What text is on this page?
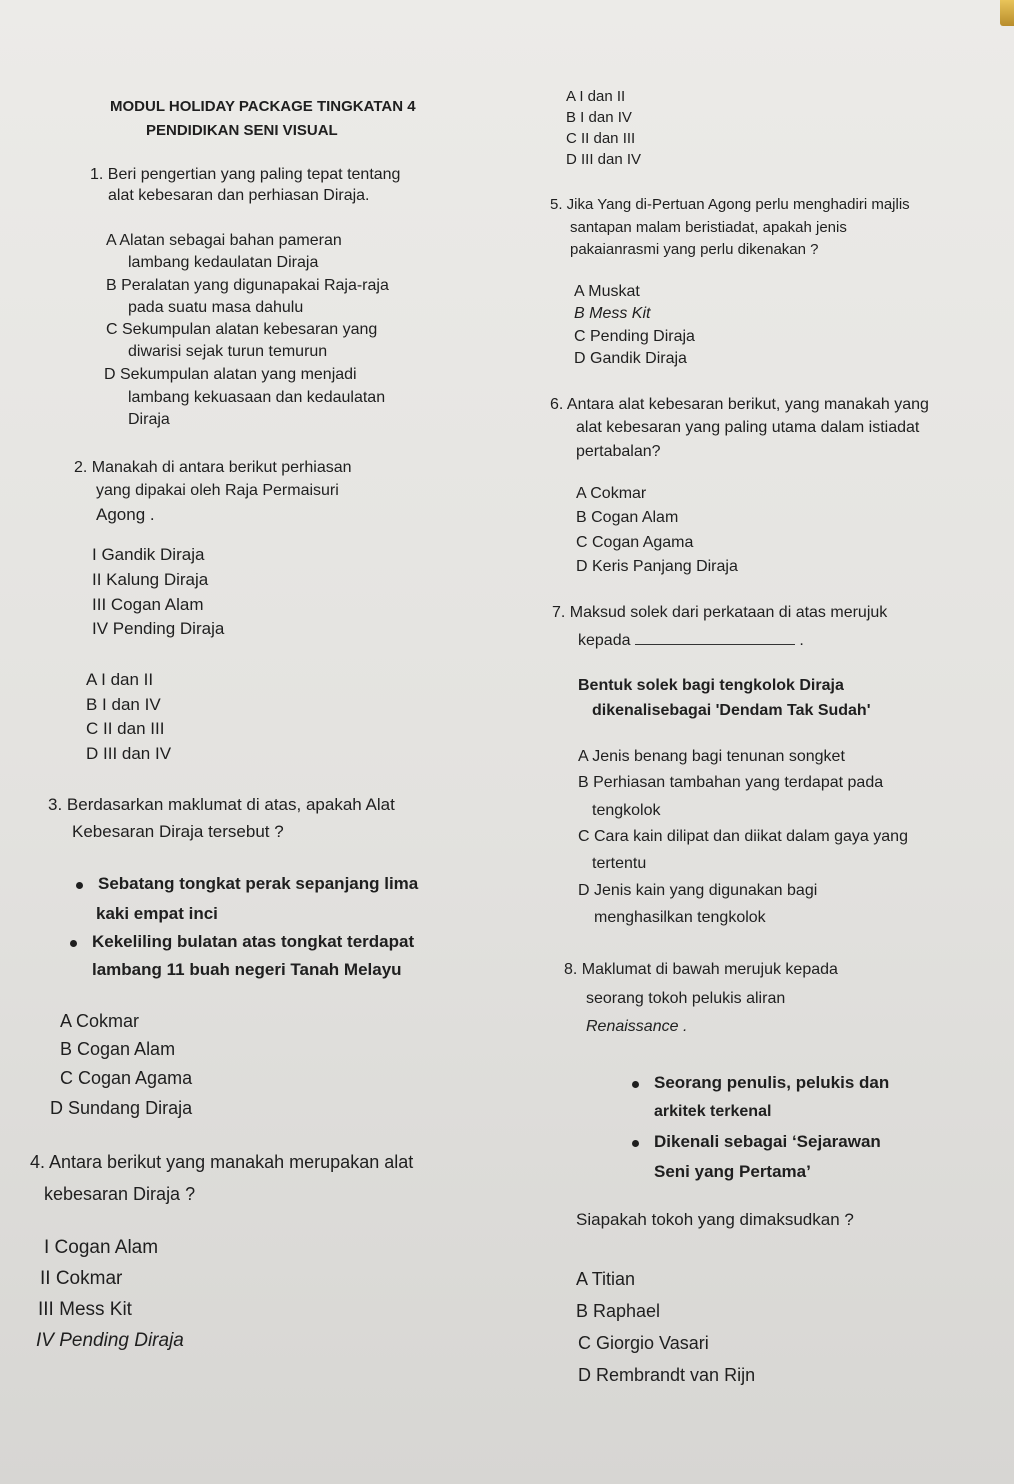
MODUL HOLIDAY PACKAGE TINGKATAN 4

PENDIDIKAN SENI VISUAL

1. Beri pengertian yang paling tepat tentang

alat kebesaran dan perhiasan Diraja.

A Alatan sebagai bahan pameran

lambang kedaulatan Diraja

B Peralatan yang digunapakai Raja-raja

pada suatu masa dahulu

C Sekumpulan alatan kebesaran yang

diwarisi sejak turun temurun

D Sekumpulan alatan yang menjadi

lambang kekuasaan dan kedaulatan

Diraja

2. Manakah di antara berikut perhiasan

yang dipakai oleh Raja Permaisuri

Agong .

I Gandik Diraja

II Kalung Diraja

III Cogan Alam

IV Pending Diraja

A I dan II

B I dan IV

C II dan III

D III dan IV

3. Berdasarkan maklumat di atas, apakah Alat

Kebesaran Diraja tersebut ?

Sebatang tongkat perak sepanjang lima

kaki empat inci

Kekeliling bulatan atas tongkat terdapat

lambang 11 buah negeri Tanah Melayu

A Cokmar

B Cogan Alam

C Cogan Agama

D Sundang Diraja

4. Antara berikut yang manakah merupakan alat

kebesaran Diraja ?

I Cogan Alam

II Cokmar

III Mess Kit

IV Pending Diraja

A I dan II

B I dan IV

C II dan III

D III dan IV

5. Jika Yang di-Pertuan Agong perlu menghadiri majlis

santapan malam beristiadat, apakah jenis

pakaianrasmi yang perlu dikenakan ?

A Muskat

B Mess Kit

C Pending Diraja

D Gandik Diraja

6. Antara alat kebesaran berikut, yang manakah yang

alat kebesaran yang paling utama dalam istiadat

pertabalan?

A Cokmar

B Cogan Alam

C Cogan Agama

D Keris Panjang Diraja

7. Maksud solek dari perkataan di atas merujuk

kepada	.

Bentuk solek bagi tengkolok Diraja

dikenalisebagai 'Dendam Tak Sudah'

A Jenis benang bagi tenunan songket

B Perhiasan tambahan yang terdapat pada

tengkolok

C Cara kain dilipat dan diikat dalam gaya yang

tertentu

D Jenis kain yang digunakan bagi

menghasilkan tengkolok

8. Maklumat di bawah merujuk kepada

seorang tokoh pelukis aliran

Renaissance .

Seorang penulis, pelukis dan

arkitek terkenal

Dikenali sebagai ‘Sejarawan

Seni yang Pertama’

Siapakah tokoh yang dimaksudkan ?

A Titian

B Raphael

C Giorgio Vasari

D Rembrandt van Rijn
